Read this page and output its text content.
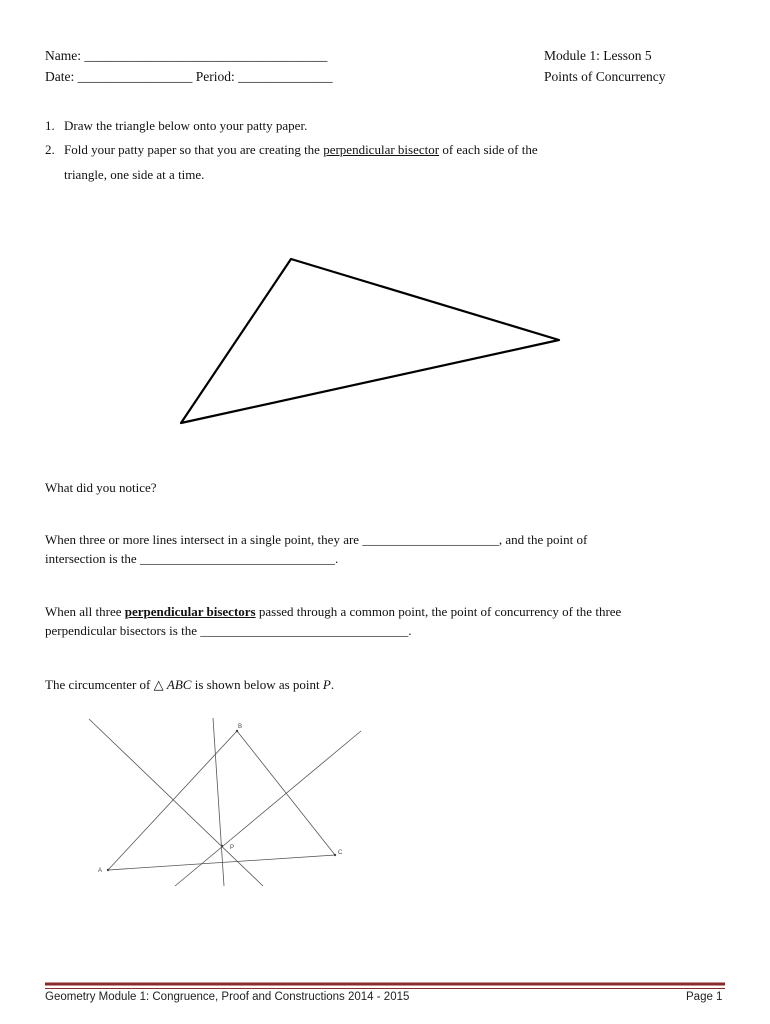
Name: ____________________________________
Date: _________________ Period: ______________
Module 1: Lesson 5
Points of Concurrency
1. Draw the triangle below onto your patty paper.
2. Fold your patty paper so that you are creating the perpendicular bisector of each side of the
triangle, one side at a time.
A
B
C
P
What did you notice?
When three or more lines intersect in a single point, they are _____________________, and the point of
intersection is the ______________________________.
When all three perpendicular bisectors passed through a common point, the point of concurrency of the three
perpendicular bisectors is the ________________________________.
The circumcenter of △ ABC is shown below as point P.
Geometry Module 1: Congruence, Proof and Constructions 2014 - 2015	Page 1
